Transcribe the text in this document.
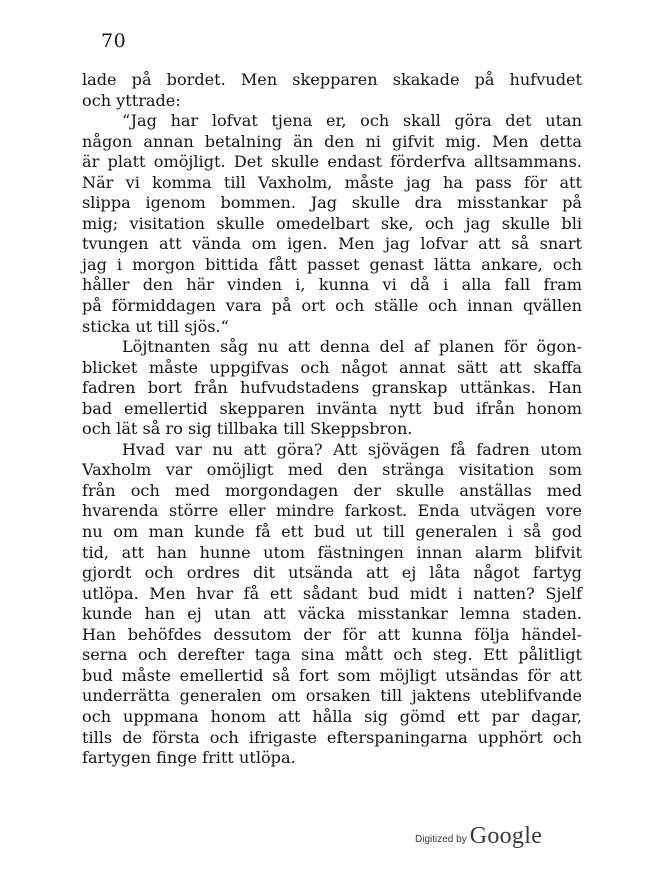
70
lade på bordet. Men skepparen skakade på hufvudet
och yttrade:
“Jag har lofvat tjena er, och skall göra det utan
någon annan betalning än den ni gifvit mig. Men detta
är platt omöjligt. Det skulle endast förderfva alltsammans.
När vi komma till Vaxholm, måste jag ha pass för att
slippa igenom bommen. Jag skulle dra misstankar på
mig; visitation skulle omedelbart ske, och jag skulle bli
tvungen att vända om igen. Men jag lofvar att så snart
jag i morgon bittida fått passet genast lätta ankare, och
håller den här vinden i, kunna vi då i alla fall fram
på förmiddagen vara på ort och ställe och innan qvällen
sticka ut till sjös.“
Löjtnanten såg nu att denna del af planen för ögon-
blicket måste uppgifvas och något annat sätt att skaffa
fadren bort från hufvudstadens granskap uttänkas. Han
bad emellertid skepparen invänta nytt bud ifrån honom
och lät så ro sig tillbaka till Skeppsbron.
Hvad var nu att göra? Att sjövägen få fadren utom
Vaxholm var omöjligt med den stränga visitation som
från och med morgondagen der skulle anställas med
hvarenda större eller mindre farkost. Enda utvägen vore
nu om man kunde få ett bud ut till generalen i så god
tid, att han hunne utom fästningen innan alarm blifvit
gjordt och ordres dit utsända att ej låta något fartyg
utlöpa. Men hvar få ett sådant bud midt i natten? Sjelf
kunde han ej utan att väcka misstankar lemna staden.
Han behöfdes dessutom der för att kunna följa händel-
serna och derefter taga sina mått och steg. Ett pålitligt
bud måste emellertid så fort som möjligt utsändas för att
underrätta generalen om orsaken till jaktens uteblifvande
och uppmana honom att hålla sig gömd ett par dagar,
tills de första och ifrigaste efterspaningarna upphört och
fartygen finge fritt utlöpa.
Digitized by Google
